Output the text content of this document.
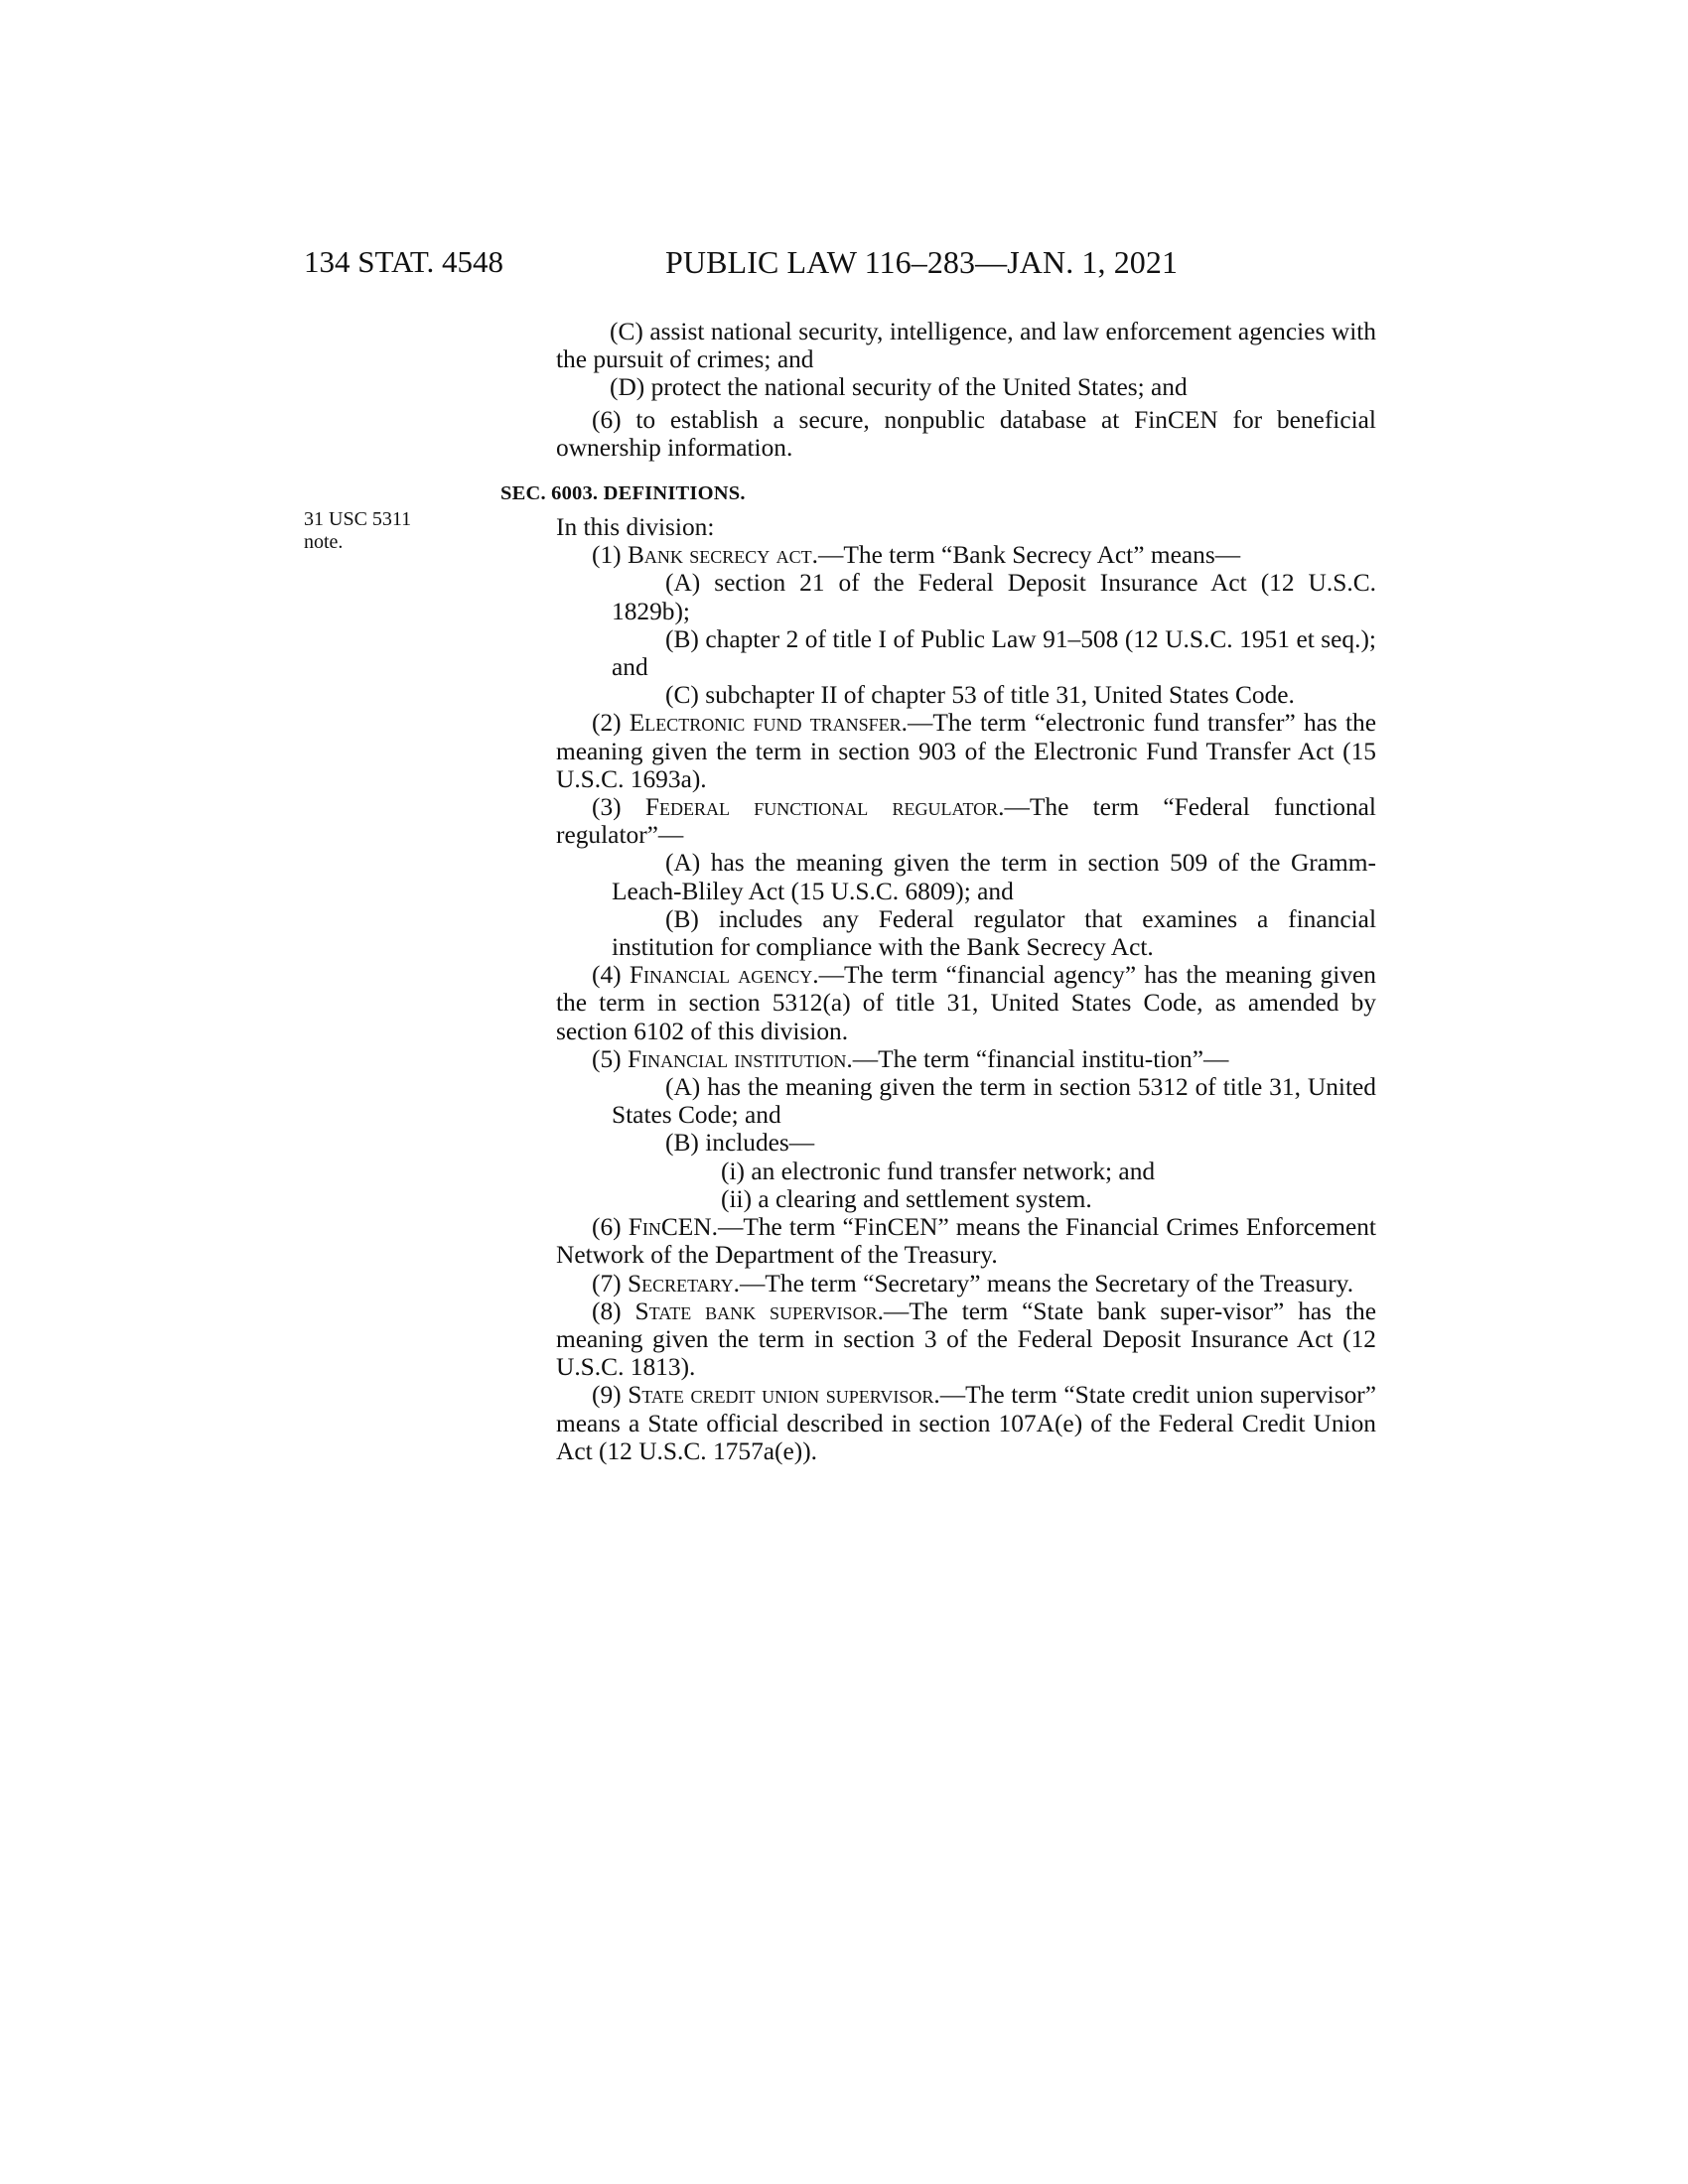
134 STAT. 4548	PUBLIC LAW 116–283—JAN. 1, 2021
31 USC 5311
note.

(C) assist national security, intelligence, and law enforcement agencies with the pursuit of crimes; and

(D) protect the national security of the United States; and

(6) to establish a secure, nonpublic database at FinCEN for beneficial ownership information.

SEC. 6003. DEFINITIONS.

In this division:

(1) Bank secrecy act.—The term “Bank Secrecy Act” means—

(A) section 21 of the Federal Deposit Insurance Act (12 U.S.C. 1829b);

(B) chapter 2 of title I of Public Law 91–508 (12 U.S.C. 1951 et seq.); and

(C) subchapter II of chapter 53 of title 31, United States Code.

(2) Electronic fund transfer.—The term “electronic fund transfer” has the meaning given the term in section 903 of the Electronic Fund Transfer Act (15 U.S.C. 1693a).

(3) Federal functional regulator.—The term “Federal functional regulator”—

(A) has the meaning given the term in section 509 of the Gramm-Leach-Bliley Act (15 U.S.C. 6809); and

(B) includes any Federal regulator that examines a financial institution for compliance with the Bank Secrecy Act.

(4) Financial agency.—The term “financial agency” has the meaning given the term in section 5312(a) of title 31, United States Code, as amended by section 6102 of this division.

(5) Financial institution.—The term “financial institu-tion”—

(A) has the meaning given the term in section 5312 of title 31, United States Code; and

(B) includes—

(i) an electronic fund transfer network; and

(ii) a clearing and settlement system.

(6) FinCEN.—The term “FinCEN” means the Financial Crimes Enforcement Network of the Department of the Treasury.

(7) Secretary.—The term “Secretary” means the Secretary of the Treasury.

(8) State bank supervisor.—The term “State bank super-visor” has the meaning given the term in section 3 of the Federal Deposit Insurance Act (12 U.S.C. 1813).

(9) State credit union supervisor.—The term “State credit union supervisor” means a State official described in section 107A(e) of the Federal Credit Union Act (12 U.S.C. 1757a(e)).
